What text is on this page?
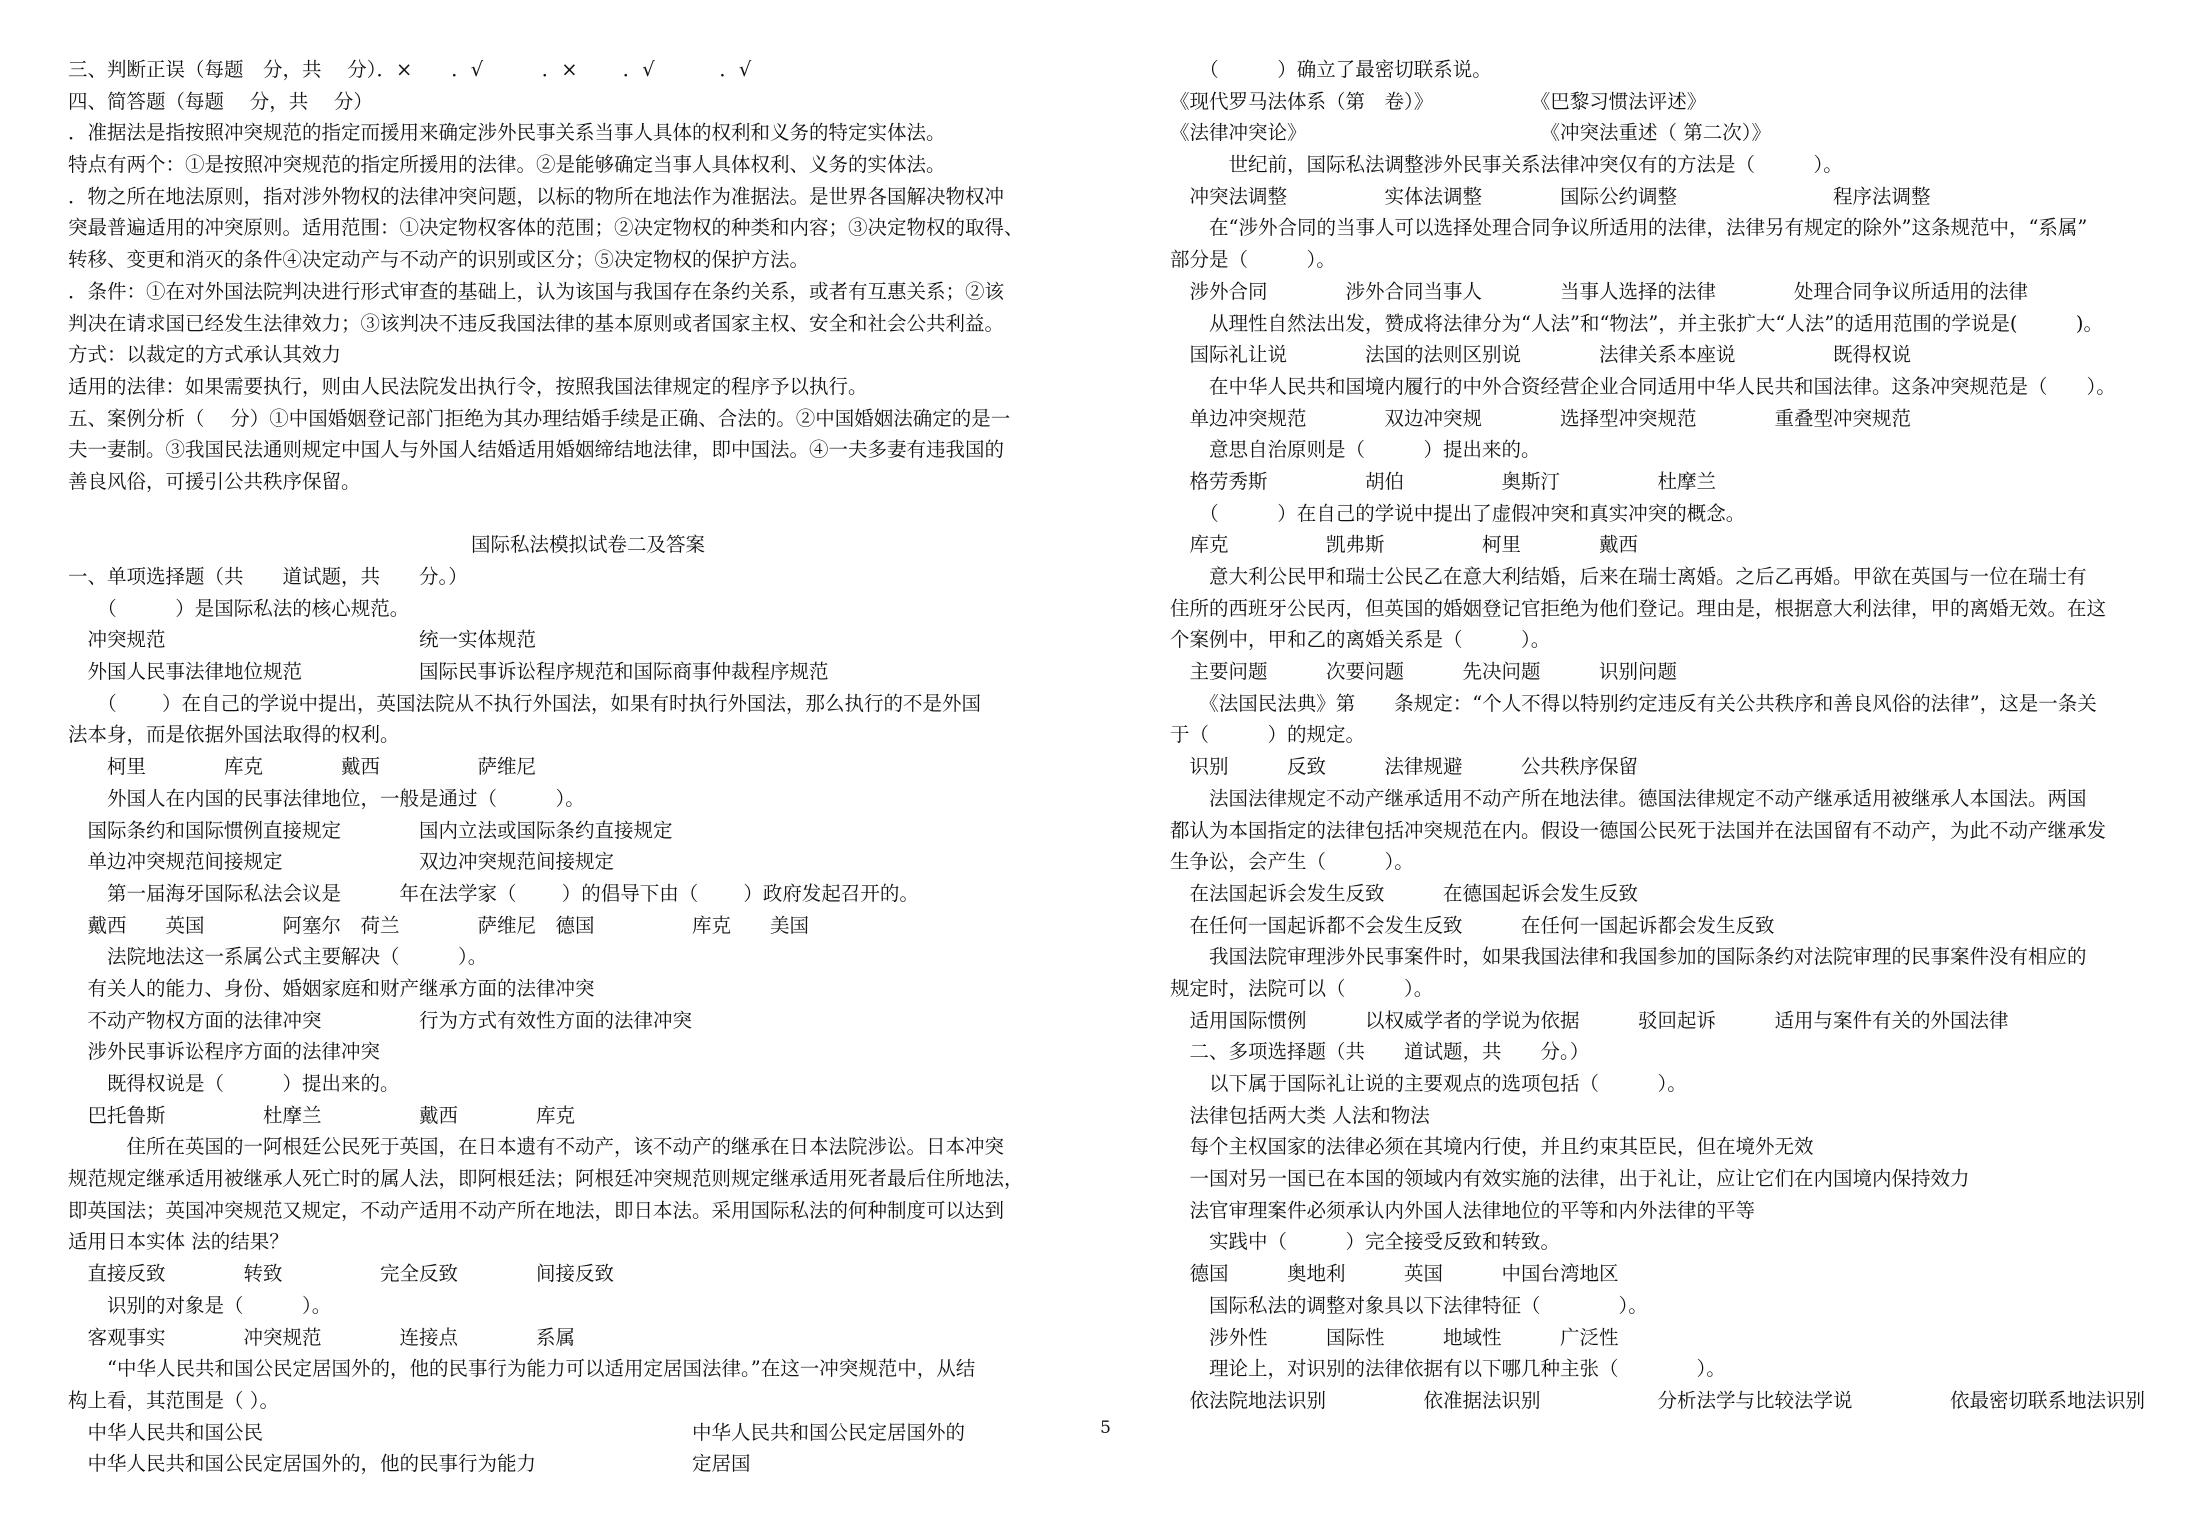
三、判断正误（每题　分，共　 分）．×　　．√　　　．×　　 ．√　　　 ．√
四、简答题（每题　 分，共　 分）
．准据法是指按照冲突规范的指定而援用来确定涉外民事关系当事人具体的权利和义务的特定实体法。
特点有两个：①是按照冲突规范的指定所援用的法律。②是能够确定当事人具体权利、义务的实体法。
．物之所在地法原则，指对涉外物权的法律冲突问题，以标的物所在地法作为准据法。是世界各国解决物权冲
突最普遍适用的冲突原则。适用范围：①决定物权客体的范围；②决定物权的种类和内容；③决定物权的取得、
转移、变更和消灭的条件④决定动产与不动产的识别或区分；⑤决定物权的保护方法。
．条件：①在对外国法院判决进行形式审查的基础上，认为该国与我国存在条约关系，或者有互惠关系；②该
判决在请求国已经发生法律效力；③该判决不违反我国法律的基本原则或者国家主权、安全和社会公共利益。
方式：以裁定的方式承认其效力
适用的法律：如果需要执行，则由人民法院发出执行令，按照我国法律规定的程序予以执行。
五、案例分析（　 分）①中国婚姻登记部门拒绝为其办理结婚手续是正确、合法的。②中国婚姻法确定的是一
夫一妻制。③我国民法通则规定中国人与外国人结婚适用婚姻缔结地法律，即中国法。④一夫多妻有违我国的
善良风俗，可援引公共秩序保留。
国际私法模拟试卷二及答案
一、单项选择题（共　　道试题，共　　分。）
　　（　　　）是国际私法的核心规范。
　冲突规范　　　　　　　　　　　　　统一实体规范
　外国人民事法律地位规范　　　　　　国际民事诉讼程序规范和国际商事仲裁程序规范
　　（　　 ）在自己的学说中提出，英国法院从不执行外国法，如果有时执行外国法，那么执行的不是外国
法本身，而是依据外国法取得的权利。
　　柯里　　　　库克　　　　戴西　　　　　萨维尼
　　外国人在内国的民事法律地位，一般是通过（　　　）。
　国际条约和国际惯例直接规定　　　　国内立法或国际条约直接规定
　单边冲突规范间接规定　　　　　　　双边冲突规范间接规定
　　第一届海牙国际私法会议是　　　年在法学家（　　 ）的倡导下由（　　 ）政府发起召开的。
　戴西　　英国　　　　阿塞尔　荷兰　　　　萨维尼　德国　　　　　库克　　美国
　　法院地法这一系属公式主要解决（　　　）。
　有关人的能力、身份、婚姻家庭和财产继承方面的法律冲突
　不动产物权方面的法律冲突　　　　　行为方式有效性方面的法律冲突
　涉外民事诉讼程序方面的法律冲突
　　既得权说是（　　　）提出来的。
　巴托鲁斯　　　　　杜摩兰　　　　　戴西　　　　库克
　　　住所在英国的一阿根廷公民死于英国，在日本遗有不动产，该不动产的继承在日本法院涉讼。日本冲突
规范规定继承适用被继承人死亡时的属人法，即阿根廷法；阿根廷冲突规范则规定继承适用死者最后住所地法，
即英国法；英国冲突规范又规定，不动产适用不动产所在地法，即日本法。采用国际私法的何种制度可以达到
适用日本实体 法的结果？
　直接反致　　　　转致　　　　　完全反致　　　　间接反致
　　识别的对象是（　　　）。
　客观事实　　　　冲突规范　　　　连接点　　　　系属
　　“中华人民共和国公民定居国外的，他的民事行为能力可以适用定居国法律。”在这一冲突规范中，从结
构上看，其范围是（ ）。
　中华人民共和国公民　　　　　　　　　　　　　　　　　　　　　　中华人民共和国公民定居国外的
　中华人民共和国公民定居国外的，他的民事行为能力　　　　　　　　定居国
　　（　　　）确立了最密切联系说。
《现代罗马法体系（第　卷）》　　　　　　《巴黎习惯法评述》
《法律冲突论》　　　　　　　　　　　　　《冲突法重述（ 第二次）》
　　　世纪前，国际私法调整涉外民事关系法律冲突仅有的方法是（　　　）。
　冲突法调整　　　　　实体法调整　　　　国际公约调整　　　　　　　　程序法调整
　　在“涉外合同的当事人可以选择处理合同争议所适用的法律，法律另有规定的除外”这条规范中，“系属”
部分是（　　　）。
　涉外合同　　　　涉外合同当事人　　　　当事人选择的法律　　　　处理合同争议所适用的法律
　　从理性自然法出发，赞成将法律分为“人法”和“物法”，并主张扩大“人法”的适用范围的学说是(　　　)。
　国际礼让说　　　　法国的法则区别说　　　　法律关系本座说　　　　　既得权说
　　在中华人民共和国境内履行的中外合资经营企业合同适用中华人民共和国法律。这条冲突规范是（　　）。
　单边冲突规范　　　　双边冲突规　　　　选择型冲突规范　　　　重叠型冲突规范
　　意思自治原则是（　　　）提出来的。
　格劳秀斯　　　　　胡伯　　　　　奥斯汀　　　　　杜摩兰
　　（　　　）在自己的学说中提出了虚假冲突和真实冲突的概念。
　库克　　　　　凯弗斯　　　　　柯里　　　　戴西
　　意大利公民甲和瑞士公民乙在意大利结婚，后来在瑞士离婚。之后乙再婚。甲欲在英国与一位在瑞士有
住所的西班牙公民丙，但英国的婚姻登记官拒绝为他们登记。理由是，根据意大利法律，甲的离婚无效。在这
个案例中，甲和乙的离婚关系是（　　　）。
　主要问题　　　次要问题　　　先决问题　　　识别问题
　　《法国民法典》第　　条规定：“个人不得以特别约定违反有关公共秩序和善良风俗的法律”，这是一条关
于（　　　）的规定。
　识别　　　反致　　　法律规避　　　公共秩序保留
　　法国法律规定不动产继承适用不动产所在地法律。德国法律规定不动产继承适用被继承人本国法。两国
都认为本国指定的法律包括冲突规范在内。假设一德国公民死于法国并在法国留有不动产，为此不动产继承发
生争讼，会产生（　　　）。
　在法国起诉会发生反致　　　在德国起诉会发生反致
　在任何一国起诉都不会发生反致　　　在任何一国起诉都会发生反致
　　我国法院审理涉外民事案件时，如果我国法律和我国参加的国际条约对法院审理的民事案件没有相应的
规定时，法院可以（　　　）。
　适用国际惯例　　　以权威学者的学说为依据　　　驳回起诉　　　适用与案件有关的外国法律
　二、多项选择题（共　　道试题，共　　分。）
　　以下属于国际礼让说的主要观点的选项包括（　　　）。
　法律包括两大类 人法和物法
　每个主权国家的法律必须在其境内行使，并且约束其臣民，但在境外无效
　一国对另一国已在本国的领域内有效实施的法律，出于礼让，应让它们在内国境内保持效力
　法官审理案件必须承认内外国人法律地位的平等和内外法律的平等
　　实践中（　　　）完全接受反致和转致。
　德国　　　奥地利　　　英国　　　中国台湾地区
　　国际私法的调整对象具以下法律特征（　　　　）。
　　涉外性　　　国际性　　　地域性　　　广泛性
　　理论上，对识别的法律依据有以下哪几种主张（　　　　）。
　依法院地法识别　　　　　依准据法识别　　　　　　分析法学与比较法学说　　　　　依最密切联系地法识别
5
